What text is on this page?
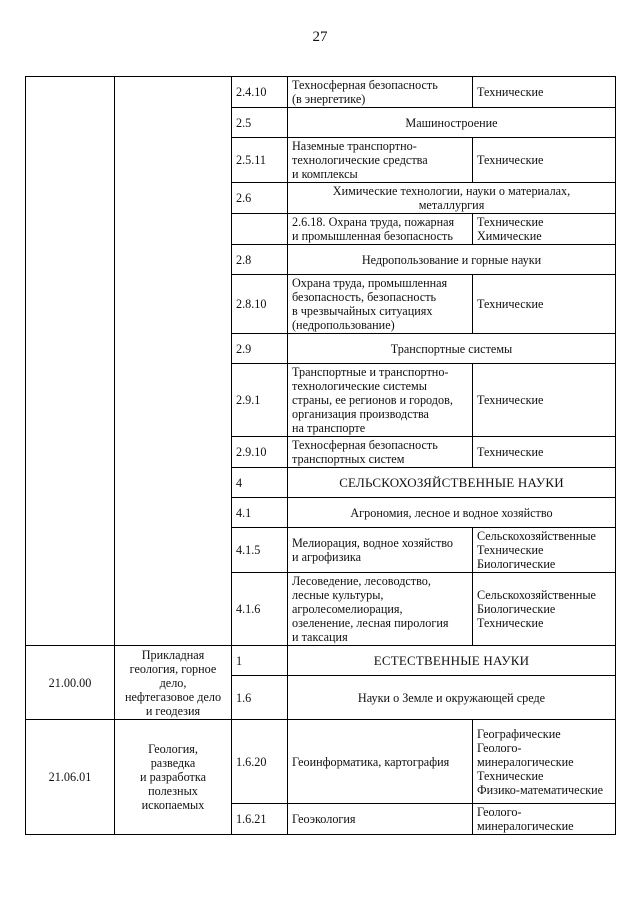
27
		2.4.10	Техносферная безопасность
(в энергетике)	Технические

		2.5	Машиностроение	

		2.5.11	Наземные транспортно-
технологические средства
и комплексы	Технические

		2.6	Химические технологии, науки о материалах,
металлургия	

			2.6.18. Охрана труда, пожарная
и промышленная безопасность	Технические
Химические

		2.8	Недропользование и горные науки	

		2.8.10	Охрана труда, промышленная
безопасность, безопасность
в чрезвычайных ситуациях
(недропользование)	Технические

		2.9	Транспортные системы	

		2.9.1	Транспортные и транспортно-
технологические системы
страны, ее регионов и городов,
организация производства
на транспорте	Технические

		2.9.10	Техносферная безопасность
транспортных систем	Технические

		4	СЕЛЬСКОХОЗЯЙСТВЕННЫЕ НАУКИ	

		4.1	Агрономия, лесное и водное хозяйство	

		4.1.5	Мелиорация, водное хозяйство
и агрофизика	Сельскохозяйственные
Технические
Биологические

		4.1.6	Лесоведение, лесоводство,
лесные культуры,
агролесомелиорация,
озеленение, лесная пирология
и таксация	Сельскохозяйственные
Биологические
Технические

21.00.00	Прикладная
геология, горное
дело,
нефтегазовое дело
и геодезия	1	ЕСТЕСТВЕННЫЕ НАУКИ	

		1.6	Науки о Земле и окружающей среде	

21.06.01	Геология,
разведка
и разработка
полезных
ископаемых	1.6.20	Геоинформатика, картография	Географические
Геолого-
минералогические
Технические
Физико-математические

		1.6.21	Геоэкология	Геолого-
минералогические
